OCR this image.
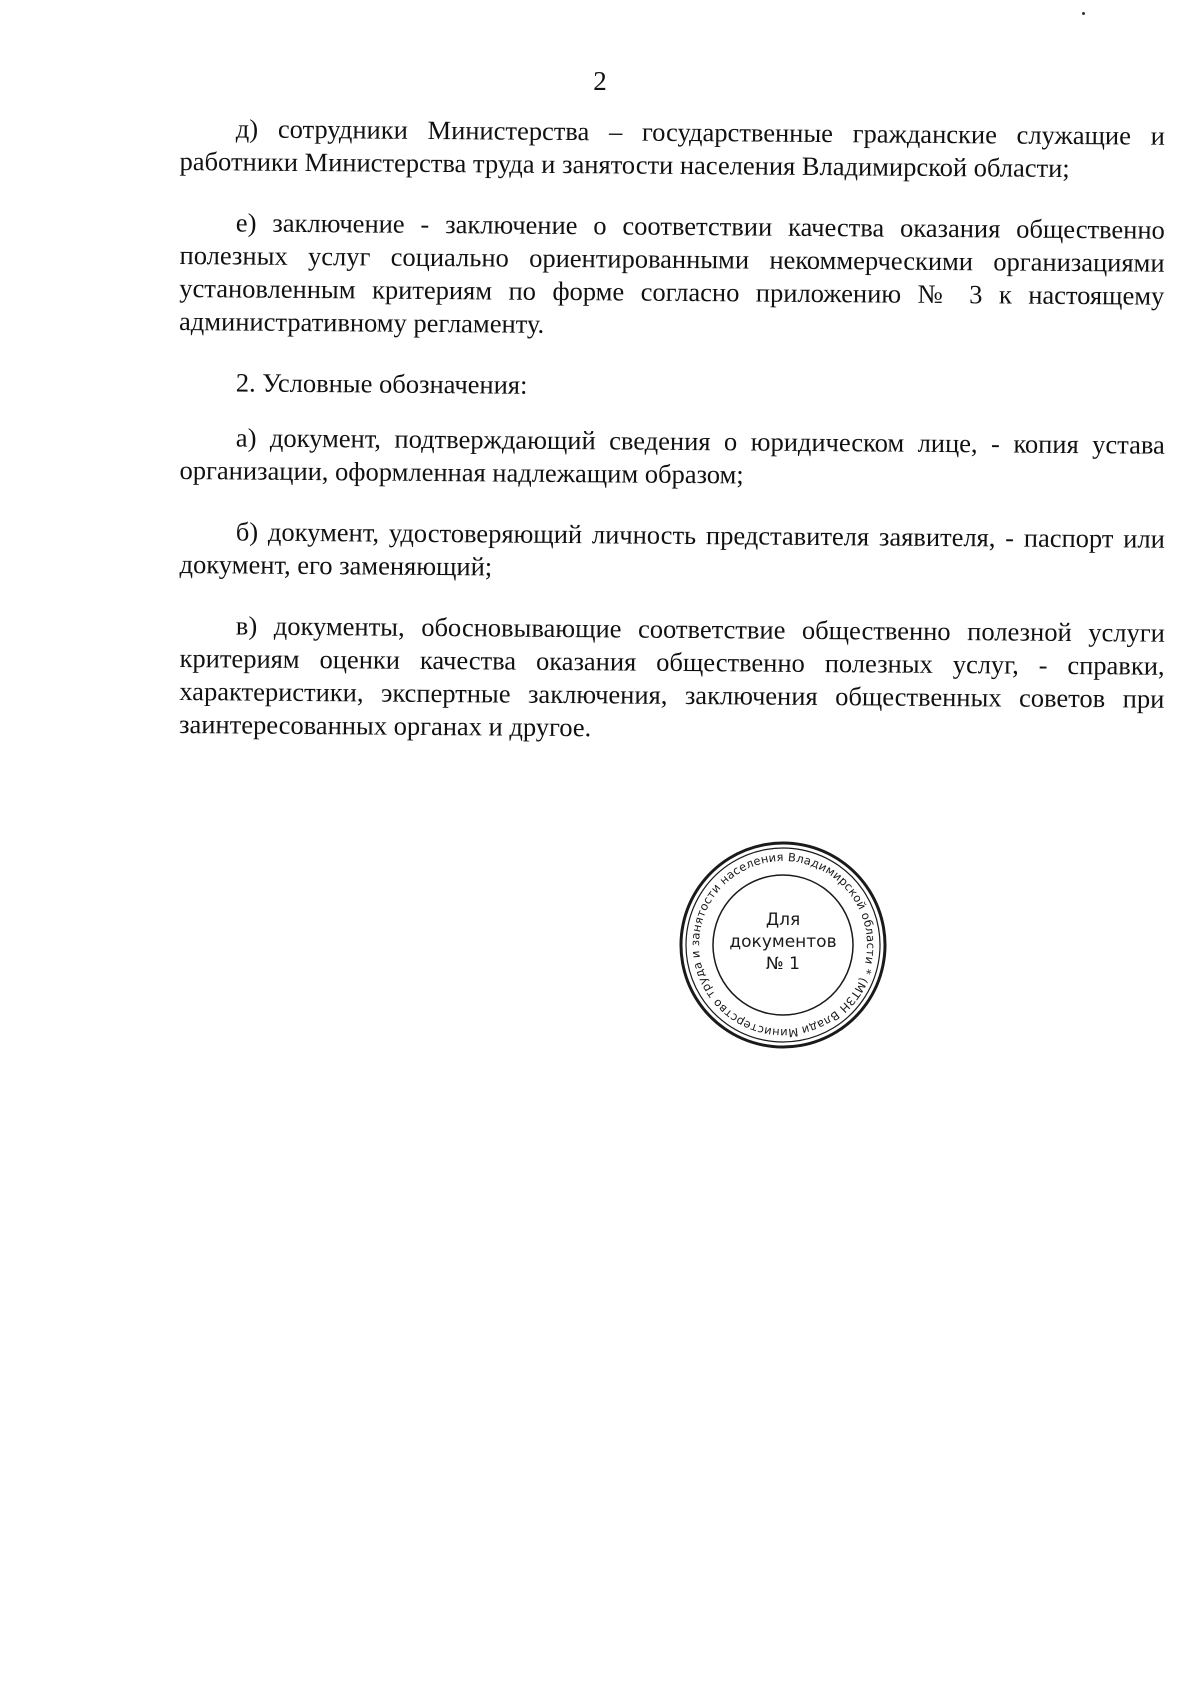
2

д) сотрудники Министерства – государственные гражданские служащие и работники Министерства труда и занятости населения Владимирской области;

е) заключение - заключение о соответствии качества оказания общественно полезных услуг социально ориентированными некоммерческими организациями установленным критериям по форме согласно приложению № 3 к настоящему административному регламенту.

2. Условные обозначения:

а) документ, подтверждающий сведения о юридическом лице, - копия устава организации, оформленная надлежащим образом;

б) документ, удостоверяющий личность представителя заявителя, - паспорт или документ, его заменяющий;

в) документы, обосновывающие соответствие общественно полезной услуги критериям оценки качества оказания общественно полезных услуг, - справки, характеристики, экспертные заключения, заключения общественных советов при заинтересованных органах и другое.

Министерство труда и занятости населения Владимирской области * (МТЗН Владимирской
Для
документов
№ 1
